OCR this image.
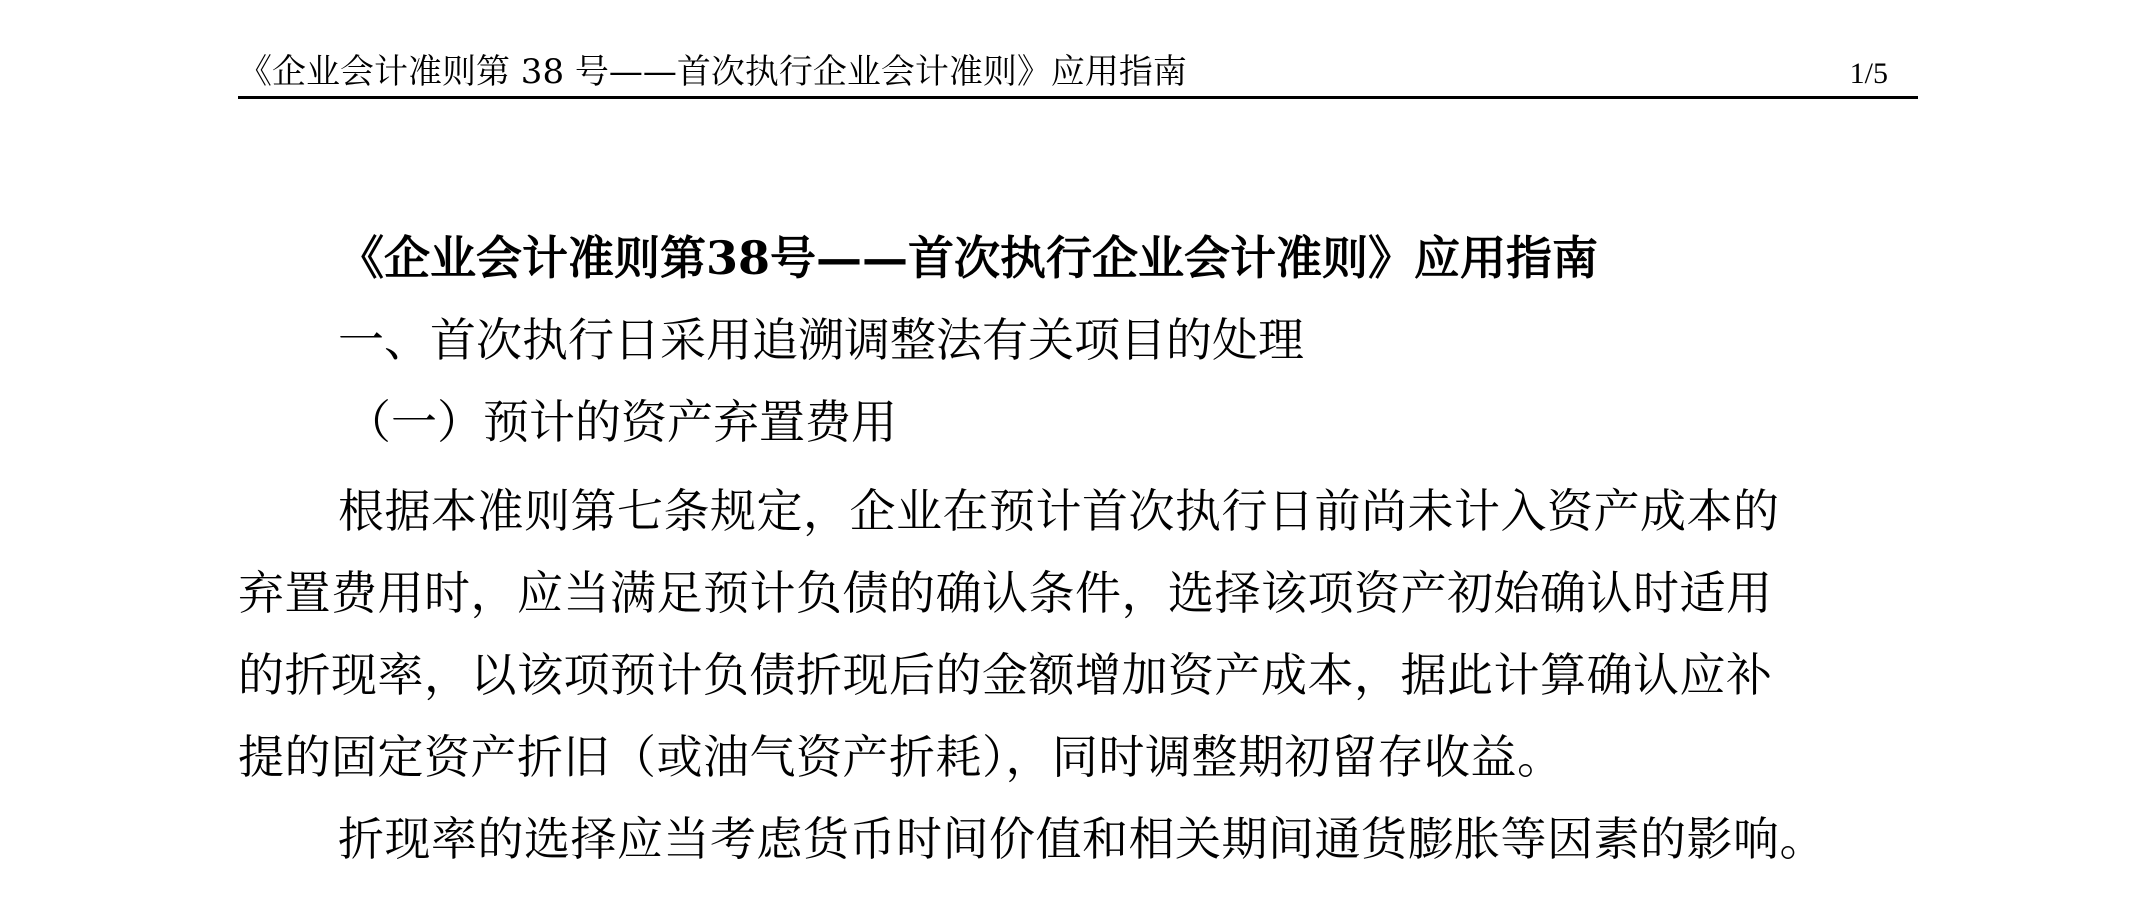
《企业会计准则第 38 号——首次执行企业会计准则》应用指南	1/5
《企业会计准则第38号——首次执行企业会计准则》应用指南
一、首次执行日采用追溯调整法有关项目的处理
（一）预计的资产弃置费用
根据本准则第七条规定，企业在预计首次执行日前尚未计入资产成本的
弃置费用时，应当满足预计负债的确认条件，选择该项资产初始确认时适用
的折现率，以该项预计负债折现后的金额增加资产成本，据此计算确认应补
提的固定资产折旧（或油气资产折耗），同时调整期初留存收益。
折现率的选择应当考虑货币时间价值和相关期间通货膨胀等因素的影响。
